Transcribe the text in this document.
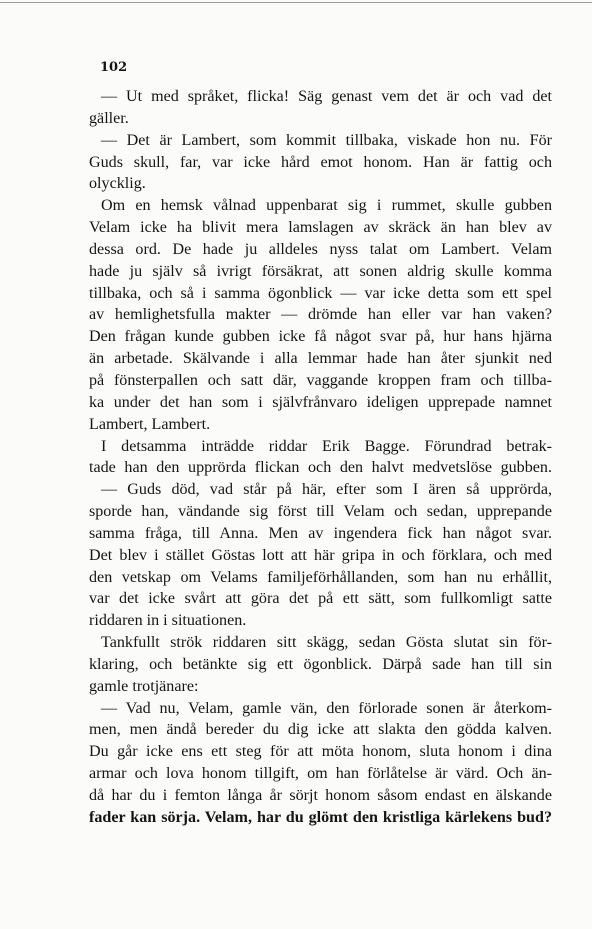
102
— Ut med språket, flicka! Säg genast vem det är och vad det
gäller.
— Det är Lambert, som kommit tillbaka, viskade hon nu. För
Guds skull, far, var icke hård emot honom. Han är fattig och
olycklig.
Om en hemsk vålnad uppenbarat sig i rummet, skulle gubben
Velam icke ha blivit mera lamslagen av skräck än han blev av
dessa ord. De hade ju alldeles nyss talat om Lambert. Velam
hade ju själv så ivrigt försäkrat, att sonen aldrig skulle komma
tillbaka, och så i samma ögonblick — var icke detta som ett spel
av hemlighetsfulla makter — drömde han eller var han vaken?
Den frågan kunde gubben icke få något svar på, hur hans hjärna
än arbetade. Skälvande i alla lemmar hade han åter sjunkit ned
på fönsterpallen och satt där, vaggande kroppen fram och tillba-
ka under det han som i självfrånvaro ideligen upprepade namnet
Lambert, Lambert.
I detsamma inträdde riddar Erik Bagge. Förundrad betrak-
tade han den upprörda flickan och den halvt medvetslöse gubben.
— Guds död, vad står på här, efter som I ären så upprörda,
sporde han, vändande sig först till Velam och sedan, upprepande
samma fråga, till Anna. Men av ingendera fick han något svar.
Det blev i stället Göstas lott att här gripa in och förklara, och med
den vetskap om Velams familjeförhållanden, som han nu erhållit,
var det icke svårt att göra det på ett sätt, som fullkomligt satte
riddaren in i situationen.
Tankfullt strök riddaren sitt skägg, sedan Gösta slutat sin för-
klaring, och betänkte sig ett ögonblick. Därpå sade han till sin
gamle trotjänare:
— Vad nu, Velam, gamle vän, den förlorade sonen är återkom-
men, men ändå bereder du dig icke att slakta den gödda kalven.
Du går icke ens ett steg för att möta honom, sluta honom i dina
armar och lova honom tillgift, om han förlåtelse är värd. Och än-
då har du i femton långa år sörjt honom såsom endast en älskande
fader kan sörja. Velam, har du glömt den kristliga kärlekens bud?
